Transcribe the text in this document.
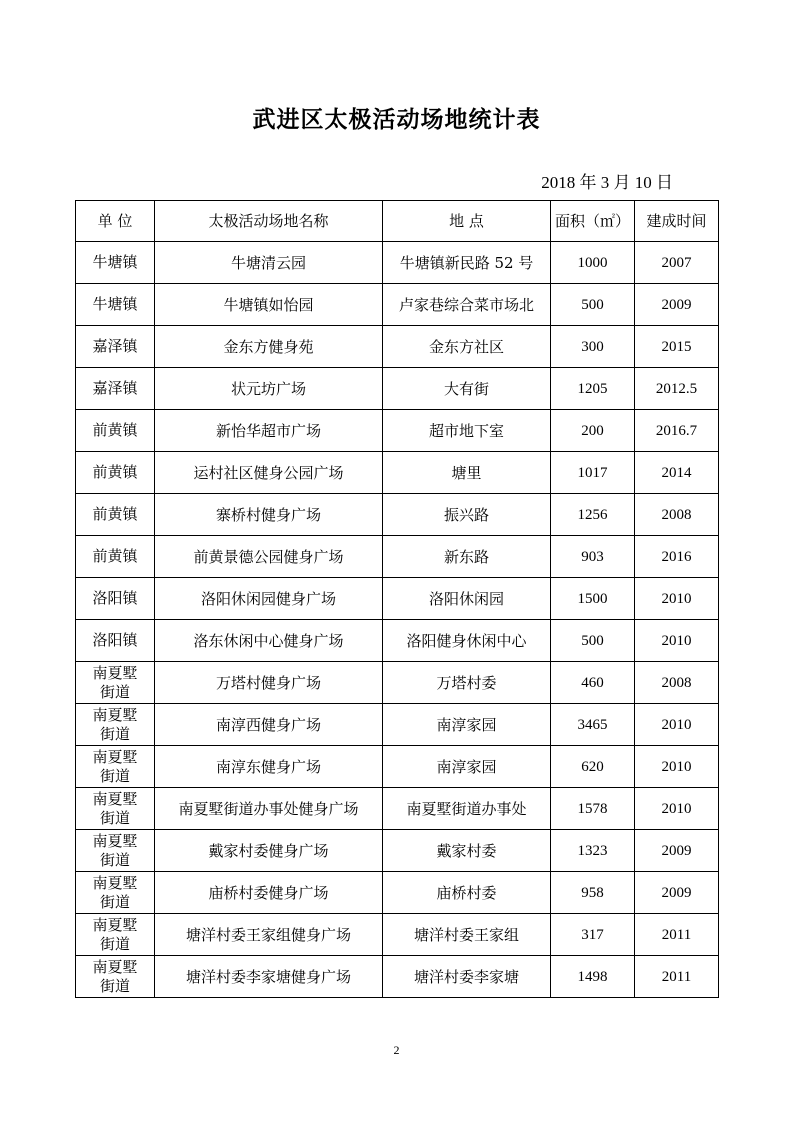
武进区太极活动场地统计表
2018 年 3 月 10 日
单 位	太极活动场地名称	地 点	面积（㎡）	建成时间
牛塘镇	牛塘清云园	牛塘镇新民路 52 号	1000	2007
牛塘镇	牛塘镇如怡园	卢家巷综合菜市场北	500	2009
嘉泽镇	金东方健身苑	金东方社区	300	2015
嘉泽镇	状元坊广场	大有街	1205	2012.5
前黄镇	新怡华超市广场	超市地下室	200	2016.7
前黄镇	运村社区健身公园广场	塘里	1017	2014
前黄镇	寨桥村健身广场	振兴路	1256	2008
前黄镇	前黄景德公园健身广场	新东路	903	2016
洛阳镇	洛阳休闲园健身广场	洛阳休闲园	1500	2010
洛阳镇	洛东休闲中心健身广场	洛阳健身休闲中心	500	2010
南夏墅街道	万塔村健身广场	万塔村委	460	2008
南夏墅街道	南淳西健身广场	南淳家园	3465	2010
南夏墅街道	南淳东健身广场	南淳家园	620	2010
南夏墅街道	南夏墅街道办事处健身广场	南夏墅街道办事处	1578	2010
南夏墅街道	戴家村委健身广场	戴家村委	1323	2009
南夏墅街道	庙桥村委健身广场	庙桥村委	958	2009
南夏墅街道	塘洋村委王家组健身广场	塘洋村委王家组	317	2011
南夏墅街道	塘洋村委李家塘健身广场	塘洋村委李家塘	1498	2011
2
